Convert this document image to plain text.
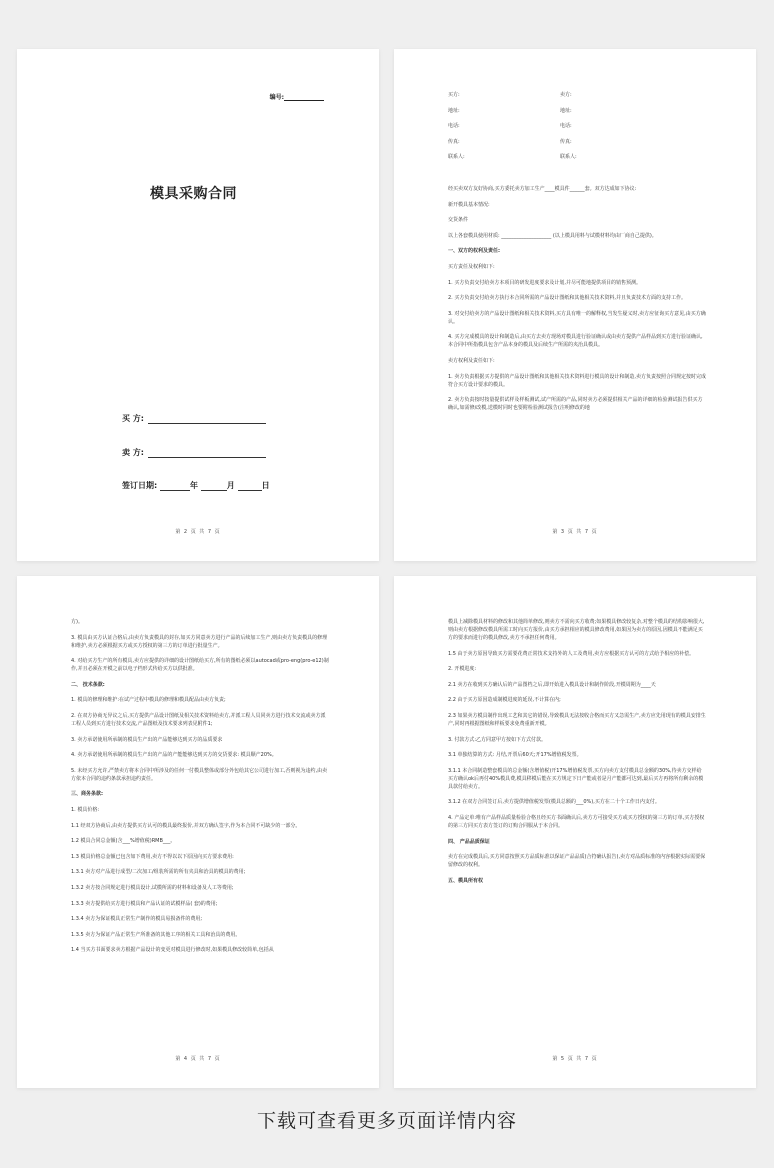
编号:
模具采购合同
买 方:
卖 方:
签订日期:	年	月	日
第 2 页 共 7 页
买方:	卖方:
地址:	地址:
电话:	电话:
传真:	传真:
联系人:	联系人:

经买卖双方友好协商,买方委托卖方加工生产____模具件______套。双方达成如下协议:

新开模具基本情况:

交货条件

以上各套模具使用材质: ____________________ (以上模具用料与试模材料均由厂商自己提供)。

一、双方的权利及责任:

买方责任及权利如下:

1. 买方负责交付给卖方本项目的研发进度要求及计划,并尽可能地提供项目的销售预测。

2. 买方负责交付给卖方执行本合同所需的产品设计图纸和其他相关技术资料,并且负责技术方面的支持工作。

3. 对交付给卖方的产品设计图纸和相关技术资料,买方具有唯一的解释权,当发生疑义时,卖方应征询买方意见,由买方确认。

4. 买方完成模具的设计和制造后,由买方去卖方现场对模具进行验证确认或由卖方提供产品样品到买方进行验证确认,本合同中所指模具包含产品本身的模具及后续生产所需的夹治具模具。

卖方权利及责任如下:

1. 卖方负责根据买方提供的产品设计图纸和其他相关技术资料进行模具的设计和制造,卖方负责按照合同规定按时完成符合买方设计要求的模具。

2. 卖方负责按时按量提供试样及样板测试,试产所需的产品,同时卖方必须提供相关产品的详细的检验测试报告供买方确认,如需修/改模,送模时同时也要附检验测试报告(注明修改的地

第 3 页 共 7 页

方)。

3. 模具由买方认证合格后,由卖方负责模具的封存,如买方同意卖方进行产品的后续加工生产,则由卖方负责模具的修理和维护,卖方必须根据买方或买方授权的第三方的订单进行批量生产。

4. 对给买方生产的所有模具,卖方应提供的详细的设计图纸给买方,所有的图纸必须以autocad或pro-eng(pro-e12)制作,并且必须在开模之前以电子档形式传给买方以供批准。

二、 技术条款:

1. 模具的修理和维护:在试产过程中模具的修理和模具配品由卖方负责;

2. 在双方协商无异议之后,买方提供产品设计图纸及相关技术资料给卖方,并派工程人员同卖方进行技术交流或卖方派工程人员到买方进行技术交流,产品图纸及技术要求列表见附件1;

3. 卖方承诺使用所承制的模具生产出的产品能够达到买方的品质要求

4. 卖方承诺使用所承制的模具生产出的产品的产能能够达到买方的交货要求: 模具顺产20%。

5. 未经买方允许,严禁卖方将本合同中所涉及的任何一付模具整体或部分外包给其它公司进行加工,否则视为违约,由卖方依本合同的违约条款承担违约责任。

三、商务条款:

1. 模具价格:

1.1 经双方协商后,由卖方提供买方认可的模具最终报价,并双方确认签字,作为本合同不可缺少的一部分。

1.2 模具合同总金额(含___%增值税)RMB___。

1.3 模具价格总金额已包含如下费用,卖方不得以以下原因向买方要求费用:

1.3.1 卖方对产品进行成型/二次加工/组装所需的所有夹具和治具的模具的费用;

1.3.2 卖方按合同规定进行模具设计,试模所需的材料和设备及人工等费用;

1.3.3 卖方提供给买方进行模具和产品认证的试模样品( 套)的费用;

1.3.4 卖方为保证模具正常生产制作的模具易损备件的费用;

1.3.5 卖方为保证产品正常生产所准备的其他工序的相关工具和治具的费用。

1.4 当买方书面要求卖方根据产品设计的变更对模具进行修改时,如果模具修改较简单,包括从

第 4 页 共 7 页

模具上减除模具材料的修改和其他简单修改,则卖方不需向买方收费;如果模具修改较复杂,对整个模具的结构影响很大,则由卖方根据修改模具所需工时向买方报价,由买方承担相应的模具修改费用,如果因为卖方的原因,因模具不能满足买方的要求而进行的模具修改,卖方不承担任何费用。

1.5 由于卖方原因导致买方需要花费正常技术支持外的人工及费用,卖方应根据买方认可的方式给予相应的补偿。

2. 开模进度:

2.1 卖方在收到买方确认后的产品图档之后,即开始进入模具设计和制作阶段,开模周期为____天

2.2 由于买方原因造成制模进度的延误,不计算在内;

2.3 如果卖方模具制作出现工艺和其它的错误,导致模具无法按收合格而买方又急需生产,卖方应先用现有的模具安排生产,同时再根据图纸和样板要求免费重新开模。

3. 付款方式:乙方同意甲方按如下方式付款。

3.1 单独结算的方式: 月结,开票后60天;开17%增值税发票。

3.1.1 本合同制造整套模具的总金额(含增值税)开17%增值税发票,买方向卖方支付模具总金额的30%,待卖方交样给买方确认ok后再付40%模具费,模具移模后能在买方规定下日产能或者是月产能都可达到,最后买方再将所有剩余的模具款付给卖方。

3.1.2 在双方合同签订后,卖方提供增值税发票(模具总额的___0%),买方在二十个工作日内支付。

4. 产品定单:唯有产品样品质量检验合格且经买方书面确认后,卖方方可接受买方或买方授权的第三方的订单,买方授权的第三方同买方表方签订的订购合同服从于本合同。

四、 产品品质保证

卖方在完成模具后,买方同意按照买方品质标准以保证产品品质(合符确认报告),卖方对品质标准的内容根据实际需要保留修改的权利。

五、模具所有权

第 5 页 共 7 页
下载可查看更多页面详情内容
